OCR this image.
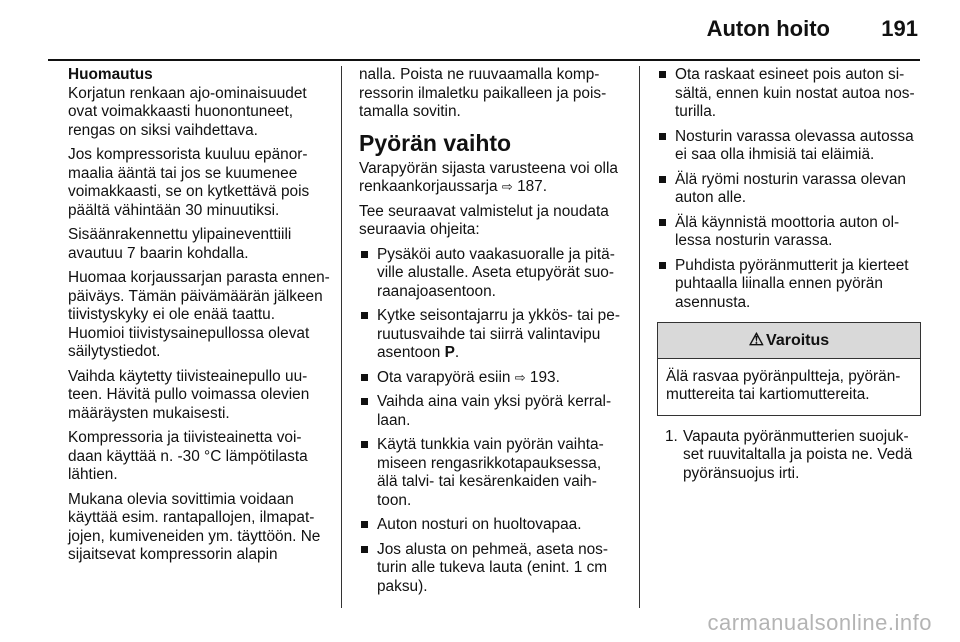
Auton hoito 191

Huomautus

Korjatun renkaan ajo-ominaisuudet ovat voimakkaasti huonontuneet, rengas on siksi vaihdettava.

Jos kompressorista kuuluu epänormaalia ääntä tai jos se kuumenee voimakkaasti, se on kytkettävä pois päältä vähintään 30 minuutiksi.

Sisäänrakennettu ylipaineventtiili avautuu 7 baarin kohdalla.

Huomaa korjaussarjan parasta ennen-päiväys. Tämän päivämäärän jälkeen tiivistyskyky ei ole enää taattu. Huomioi tiivistysainepullossa olevat säilytystiedot.

Vaihda käytetty tiivisteainepullo uuteen. Hävitä pullo voimassa olevien määräysten mukaisesti.

Kompressoria ja tiivisteainetta voidaan käyttää n. -30 °C lämpötilasta lähtien.

Mukana olevia sovittimia voidaan käyttää esim. rantapallojen, ilmapatjojen, kumiveneiden ym. täyttöön. Ne sijaitsevat kompressorin alapin

nalla. Poista ne ruuvaamalla kompressorin ilmaletku paikalleen ja poistamalla sovitin.

Pyörän vaihto

Varapyörän sijasta varusteena voi olla renkaankorjaussarja ⇨ 187.

Tee seuraavat valmistelut ja noudata seuraavia ohjeita:

Pysäköi auto vaakasuoralle ja pitäville alustalle. Aseta etupyörät suoraanajoasentoon.
Kytke seisontajarru ja ykkös- tai peruutusvaihde tai siirrä valintavipu asentoon P.
Ota varapyörä esiin ⇨ 193.
Vaihda aina vain yksi pyörä kerrallaan.
Käytä tunkkia vain pyörän vaihtamiseen rengasrikkotapauksessa, älä talvi- tai kesärenkaiden vaihtoon.
Auton nosturi on huoltovapaa.
Jos alusta on pehmeä, aseta nosturin alle tukeva lauta (enint. 1 cm paksu).
Ota raskaat esineet pois auton sisältä, ennen kuin nostat autoa nosturilla.
Nosturin varassa olevassa autossa ei saa olla ihmisiä tai eläimiä.
Älä ryömi nosturin varassa olevan auton alle.
Älä käynnistä moottoria auton ollessa nosturin varassa.
Puhdista pyöränmutterit ja kierteet puhtaalla liinalla ennen pyörän asennusta.
⚠ Varoitus
Älä rasvaa pyöränpultteja, pyöränmuttereita tai kartiomuttereita.
1. Vapauta pyöränmutterien suojukset ruuvitaltalla ja poista ne. Vedä pyöränsuojus irti.
carmanualsonline.info
